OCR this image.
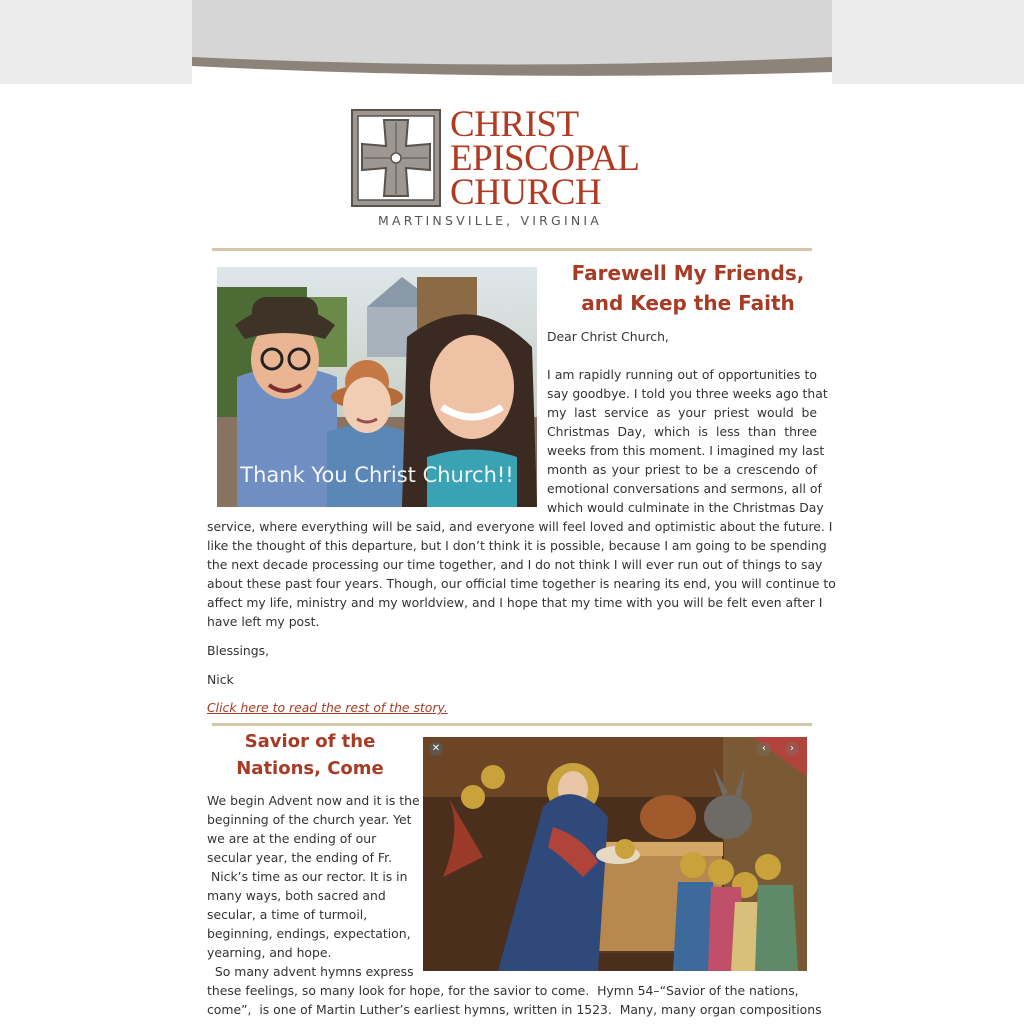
CHRIST
EPISCOPAL
CHURCH
MARTINSVILLE, VIRGINIA
Thank You Christ Church!!
Farewell My Friends,
and Keep the Faith
Dear Christ Church,
I am rapidly running out of opportunities to
say goodbye. I told you three weeks ago that
my last service as your priest would be
Christmas Day, which is less than three
weeks from this moment. I imagined my last
month as your priest to be a crescendo of
emotional conversations and sermons, all of
which would culminate in the Christmas Day
service, where everything will be said, and everyone will feel loved and optimistic about the future. I
like the thought of this departure, but I don’t think it is possible, because I am going to be spending
the next decade processing our time together, and I do not think I will ever run out of things to say
about these past four years. Though, our official time together is nearing its end, you will continue to
affect my life, ministry and my worldview, and I hope that my time with you will be felt even after I
have left my post.
Blessings,
Nick
Click here to read the rest of the story.
Savior of the
Nations, Come
We begin Advent now and it is the
beginning of the church year. Yet
we are at the ending of our
secular year, the ending of Fr.
Nick’s time as our rector. It is in
many ways, both sacred and
secular, a time of turmoil,
beginning, endings, expectation,
yearning, and hope.
So many advent hymns express
these feelings, so many look for hope, for the savior to come.  Hymn 54–“Savior of the nations,
come”,  is one of Martin Luther’s earliest hymns, written in 1523.  Many, many organ compositions
✕	‹	›
